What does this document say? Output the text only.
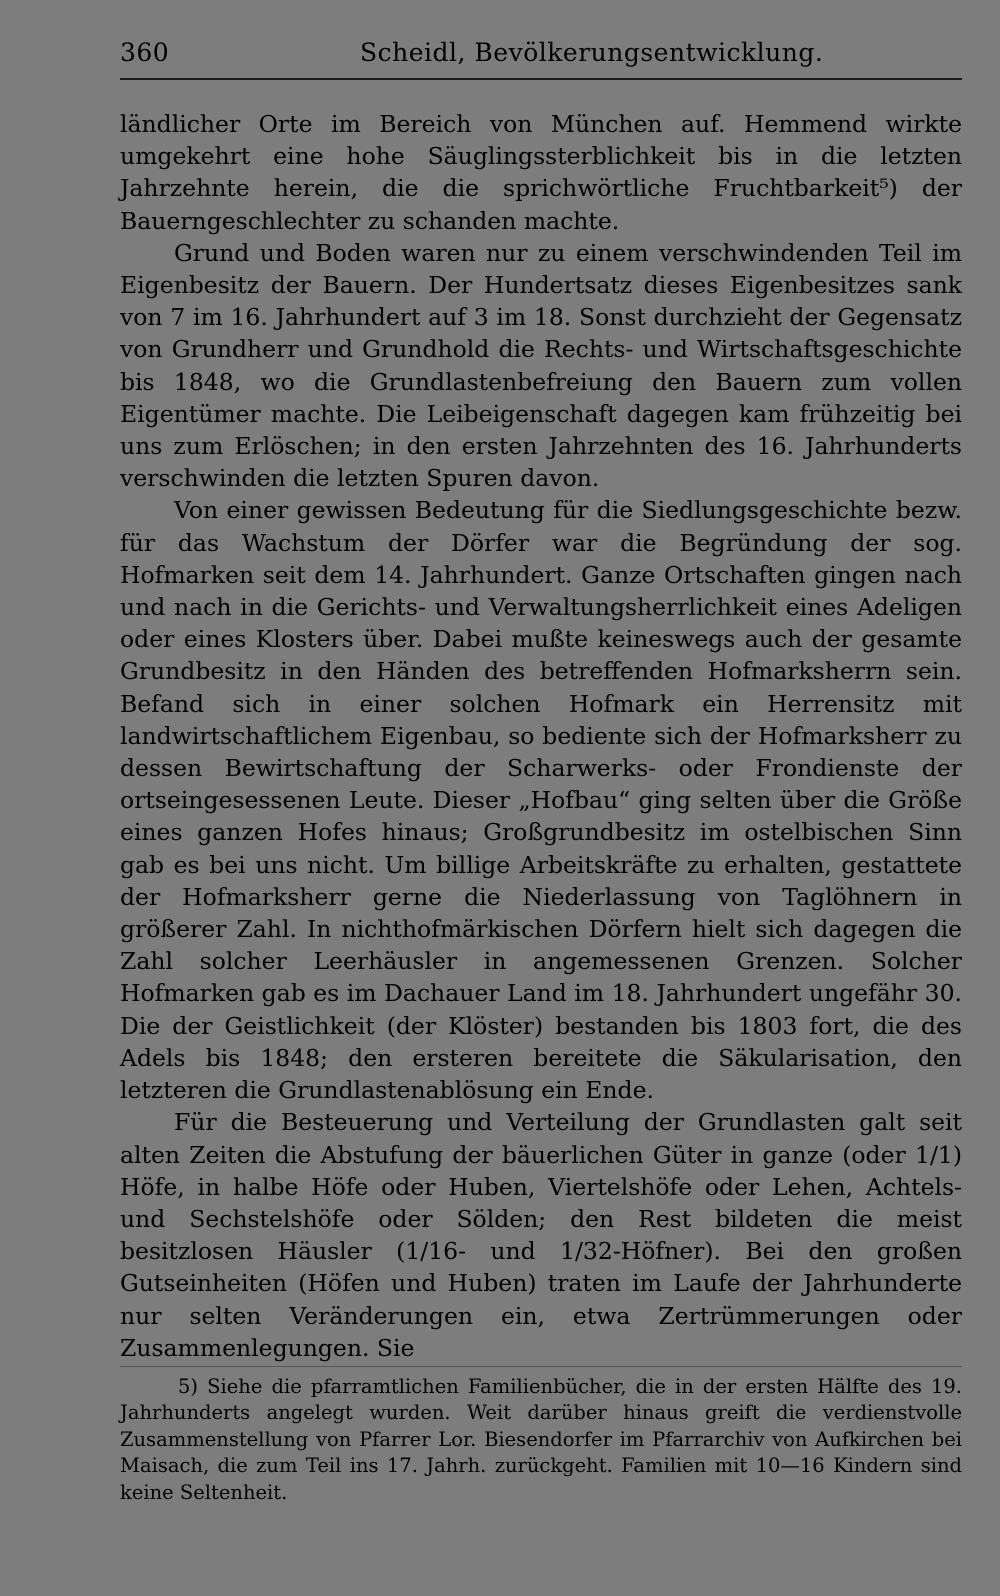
360	Scheidl, Bevölkerungsentwicklung.

ländlicher Orte im Bereich von München auf. Hemmend wirkte umgekehrt eine hohe Säuglingssterblichkeit bis in die letzten Jahrzehnte herein, die die sprichwörtliche Fruchtbarkeit⁵) der Bauerngeschlechter zu schanden machte.

Grund und Boden waren nur zu einem verschwindenden Teil im Eigenbesitz der Bauern. Der Hundertsatz dieses Eigenbesitzes sank von 7 im 16. Jahrhundert auf 3 im 18. Sonst durchzieht der Gegensatz von Grundherr und Grundhold die Rechts- und Wirtschaftsgeschichte bis 1848, wo die Grundlastenbefreiung den Bauern zum vollen Eigentümer machte. Die Leibeigenschaft dagegen kam frühzeitig bei uns zum Erlöschen; in den ersten Jahrzehnten des 16. Jahrhunderts verschwinden die letzten Spuren davon.

Von einer gewissen Bedeutung für die Siedlungsgeschichte bezw. für das Wachstum der Dörfer war die Begründung der sog. Hofmarken seit dem 14. Jahrhundert. Ganze Ortschaften gingen nach und nach in die Gerichts- und Verwaltungsherrlichkeit eines Adeligen oder eines Klosters über. Dabei mußte keineswegs auch der gesamte Grundbesitz in den Händen des betreffenden Hofmarksherrn sein. Befand sich in einer solchen Hofmark ein Herrensitz mit landwirtschaftlichem Eigenbau, so bediente sich der Hofmarksherr zu dessen Bewirtschaftung der Scharwerks- oder Frondienste der ortseingesessenen Leute. Dieser „Hofbau“ ging selten über die Größe eines ganzen Hofes hinaus; Großgrundbesitz im ostelbischen Sinn gab es bei uns nicht. Um billige Arbeitskräfte zu erhalten, gestattete der Hofmarksherr gerne die Niederlassung von Taglöhnern in größerer Zahl. In nichthofmärkischen Dörfern hielt sich dagegen die Zahl solcher Leerhäusler in angemessenen Grenzen. Solcher Hofmarken gab es im Dachauer Land im 18. Jahrhundert ungefähr 30. Die der Geistlichkeit (der Klöster) bestanden bis 1803 fort, die des Adels bis 1848; den ersteren bereitete die Säkularisation, den letzteren die Grundlastenablösung ein Ende.

Für die Besteuerung und Verteilung der Grundlasten galt seit alten Zeiten die Abstufung der bäuerlichen Güter in ganze (oder 1/1) Höfe, in halbe Höfe oder Huben, Viertelshöfe oder Lehen, Achtels- und Sechstelshöfe oder Sölden; den Rest bildeten die meist besitzlosen Häusler (1/16- und 1/32-Höfner). Bei den großen Gutseinheiten (Höfen und Huben) traten im Laufe der Jahrhunderte nur selten Veränderungen ein, etwa Zertrümmerungen oder Zusammenlegungen. Sie

5) Siehe die pfarramtlichen Familienbücher, die in der ersten Hälfte des 19. Jahrhunderts angelegt wurden. Weit darüber hinaus greift die verdienstvolle Zusammenstellung von Pfarrer Lor. Biesendorfer im Pfarrarchiv von Aufkirchen bei Maisach, die zum Teil ins 17. Jahrh. zurückgeht. Familien mit 10—16 Kindern sind keine Seltenheit.
